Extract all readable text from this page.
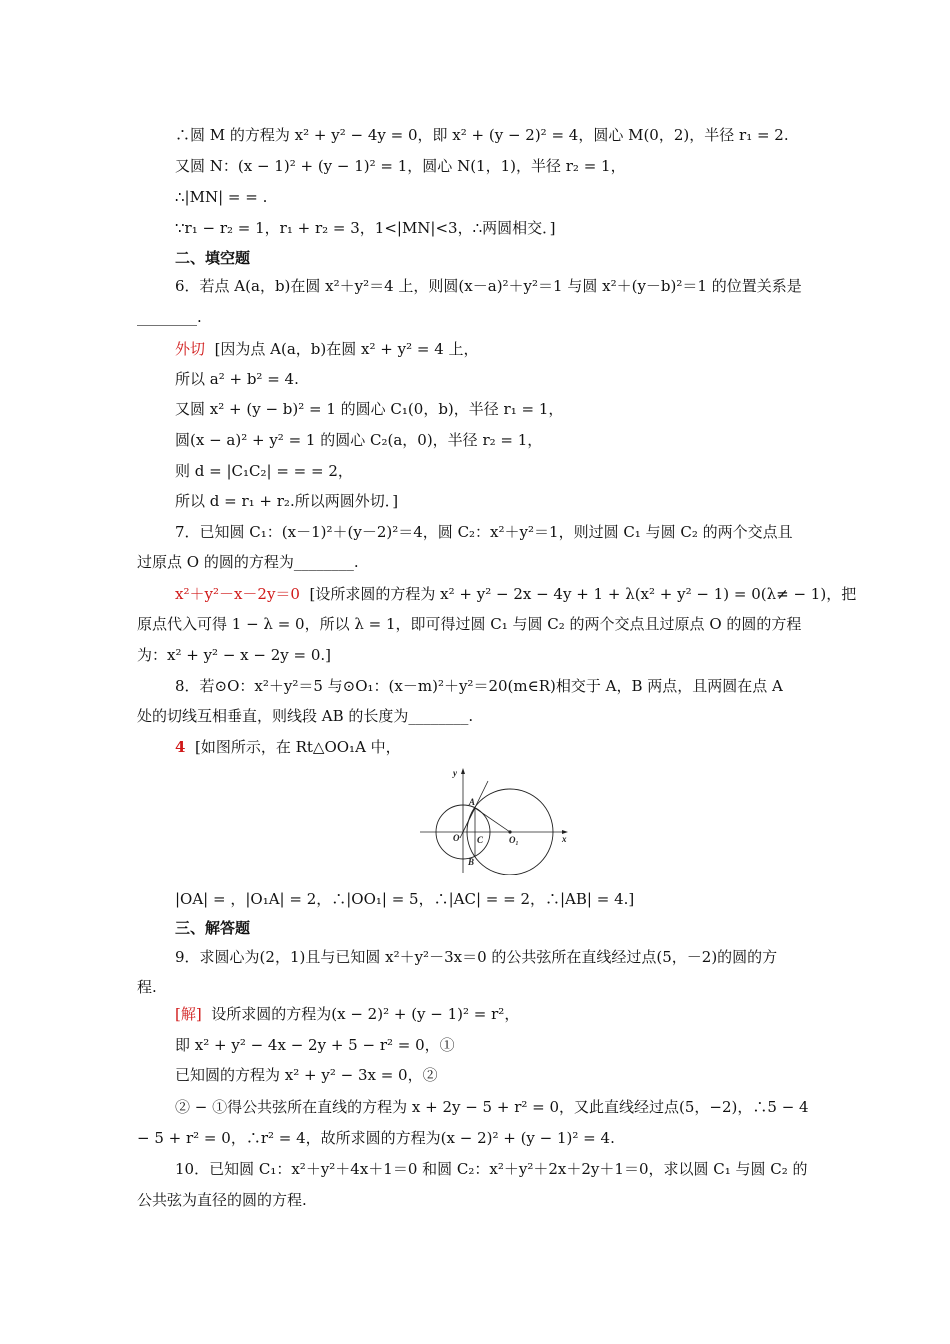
∴圆 M 的方程为 x² + y² − 4y = 0，即 x² + (y − 2)² = 4，圆心 M(0，2)，半径 r₁ = 2.
又圆 N：(x − 1)² + (y − 1)² = 1，圆心 N(1，1)，半径 r₂ = 1，
∴|MN| = = .
∵r₁ − r₂ = 1，r₁ + r₂ = 3，1<|MN|<3，∴两圆相交．]
二、填空题
6．若点 A(a，b)在圆 x²＋y²＝4 上，则圆(x－a)²＋y²＝1 与圆 x²＋(y－b)²＝1 的位置关系是
________.
外切 [因为点 A(a，b)在圆 x² + y² = 4 上，
所以 a² + b² = 4.
又圆 x² + (y − b)² = 1 的圆心 C₁(0，b)，半径 r₁ = 1，
圆(x − a)² + y² = 1 的圆心 C₂(a，0)，半径 r₂ = 1，
则 d = |C₁C₂| = = = 2，
所以 d = r₁ + r₂.所以两圆外切．]
7．已知圆 C₁：(x－1)²＋(y－2)²＝4，圆 C₂：x²＋y²＝1，则过圆 C₁ 与圆 C₂ 的两个交点且
过原点 O 的圆的方程为________.
x²＋y²－x－2y＝0 [设所求圆的方程为 x² + y² − 2x − 4y + 1 + λ(x² + y² − 1) = 0(λ≠ − 1)，把
原点代入可得 1 − λ = 0，所以 λ = 1，即可得过圆 C₁ 与圆 C₂ 的两个交点且过原点 O 的圆的方程
为：x² + y² − x − 2y = 0.]
8．若⊙O：x²＋y²＝5 与⊙O₁：(x－m)²＋y²＝20(m∈R)相交于 A，B 两点，且两圆在点 A
处的切线互相垂直，则线段 AB 的长度为________.
4 [如图所示，在 Rt△OO₁A 中，
y
x
A
B
C
O	O₁
|OA| = ，|O₁A| = 2，∴|OO₁| = 5，∴|AC| = = 2，∴|AB| = 4.]
三、解答题
9．求圆心为(2，1)且与已知圆 x²＋y²－3x＝0 的公共弦所在直线经过点(5，－2)的圆的方
程.
[解] 设所求圆的方程为(x − 2)² + (y − 1)² = r²，
即 x² + y² − 4x − 2y + 5 − r² = 0，①
已知圆的方程为 x² + y² − 3x = 0，②
② − ①得公共弦所在直线的方程为 x + 2y − 5 + r² = 0，又此直线经过点(5，−2)，∴5 − 4
− 5 + r² = 0，∴r² = 4，故所求圆的方程为(x − 2)² + (y − 1)² = 4.
10．已知圆 C₁：x²＋y²＋4x＋1＝0 和圆 C₂：x²＋y²＋2x＋2y＋1＝0，求以圆 C₁ 与圆 C₂ 的
公共弦为直径的圆的方程.
